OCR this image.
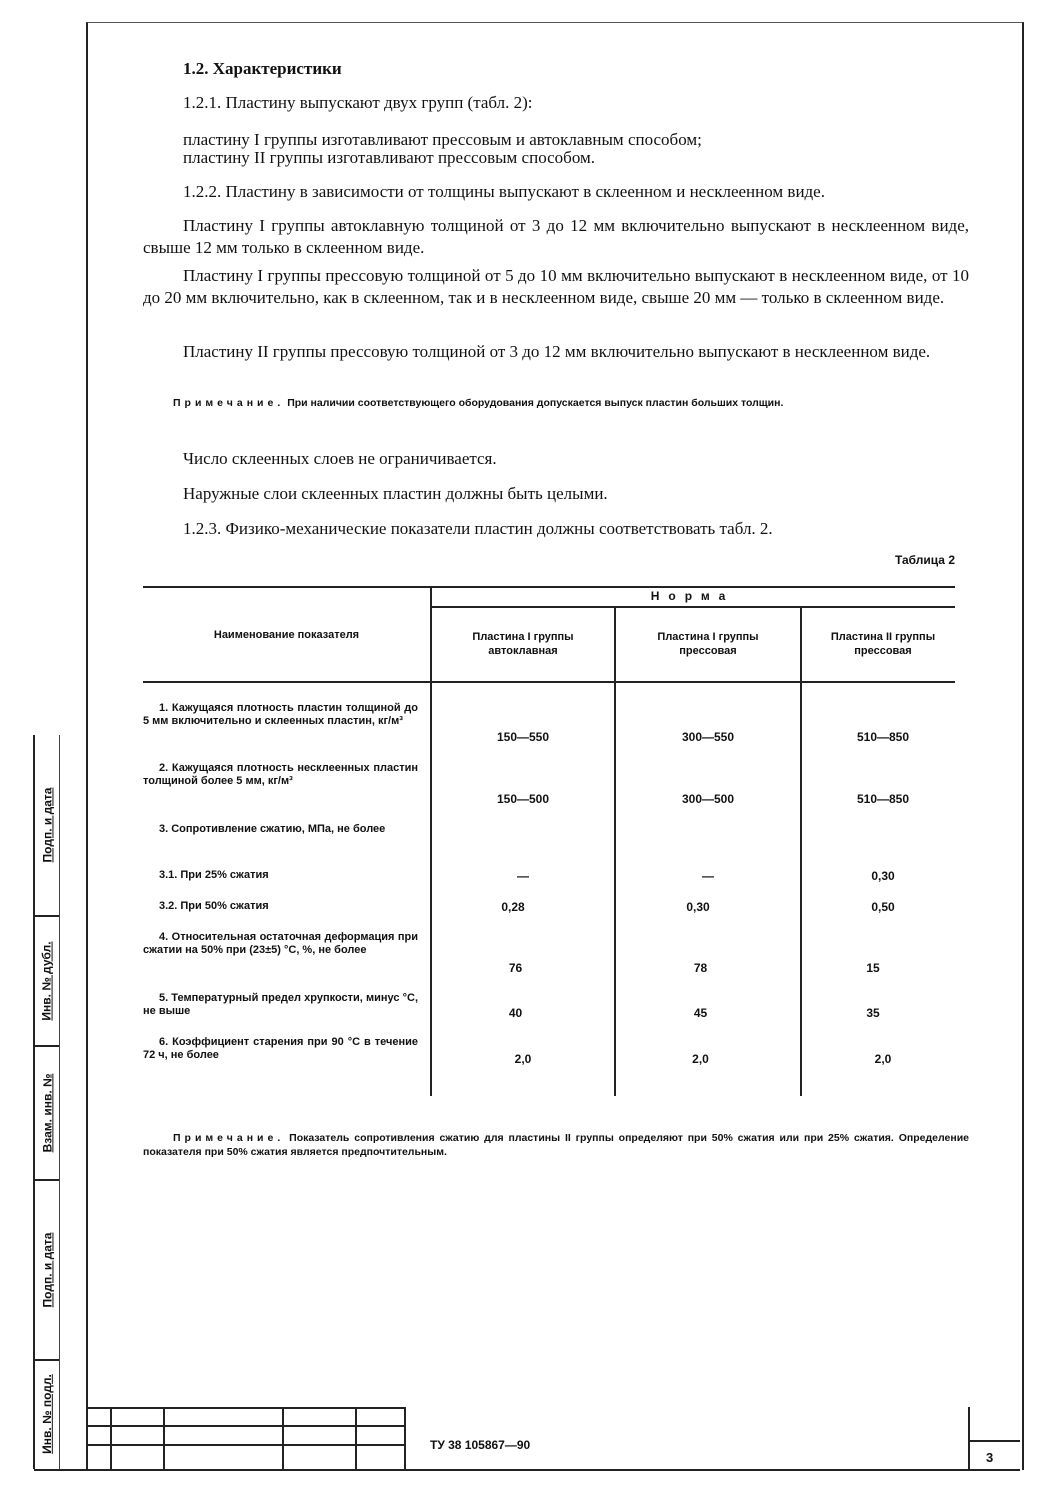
Подп. и дата
Инв. № дубл.
Взам. инв. №
Подп. и дата
Инв. № подл.
1.2. Характеристики
1.2.1. Пластину выпускают двух групп (табл. 2):
пластину I группы изготавливают прессовым и автоклавным способом;
пластину II группы изготавливают прессовым способом.
1.2.2. Пластину в зависимости от толщины выпускают в склеенном и несклеенном виде.
Пластину I группы автоклавную толщиной от 3 до 12 мм включительно выпускают в несклеенном виде, свыше 12 мм только в склеенном виде.
Пластину I группы прессовую толщиной от 5 до 10 мм включительно выпускают в несклеенном виде, от 10 до 20 мм включительно, как в склеенном, так и в несклеенном виде, свыше 20 мм — только в склеенном виде.
Пластину II группы прессовую толщиной от 3 до 12 мм включительно выпускают в несклеенном виде.
Примечание. При наличии соответствующего оборудования допускается выпуск пластин больших толщин.
Число склеенных слоев не ограничивается.
Наружные слои склеенных пластин должны быть целыми.
1.2.3. Физико-механические показатели пластин должны соответствовать табл. 2.
Таблица 2
Наименование показателя
Норма
Пластина I группы автоклавная
Пластина I группы прессовая
Пластина II группы прессовая
1. Кажущаяся плотность пластин толщиной до 5 мм включительно и склеенных пластин, кг/м³
150—550	300—550	510—850
2. Кажущаяся плотность несклеенных пластин толщиной более 5 мм, кг/м³
150—500	300—500	510—850
3. Сопротивление сжатию, МПа, не более
3.1. При 25% сжатия	—	—	0,30
3.2. При 50% сжатия	0,28	0,30	0,50
4. Относительная остаточная деформация при сжатии на 50% при (23±5) °С, %, не более
76	78	15
5. Температурный предел хрупкости, минус °С, не выше	40	45	35
6. Коэффициент старения при 90 °С в течение 72 ч, не более	2,0	2,0	2,0
Примечание. Показатель сопротивления сжатию для пластины II группы определяют при 50% сжатия или при 25% сжатия. Определение показателя при 50% сжатия является предпочтительным.
ТУ 38 105867—90
3
